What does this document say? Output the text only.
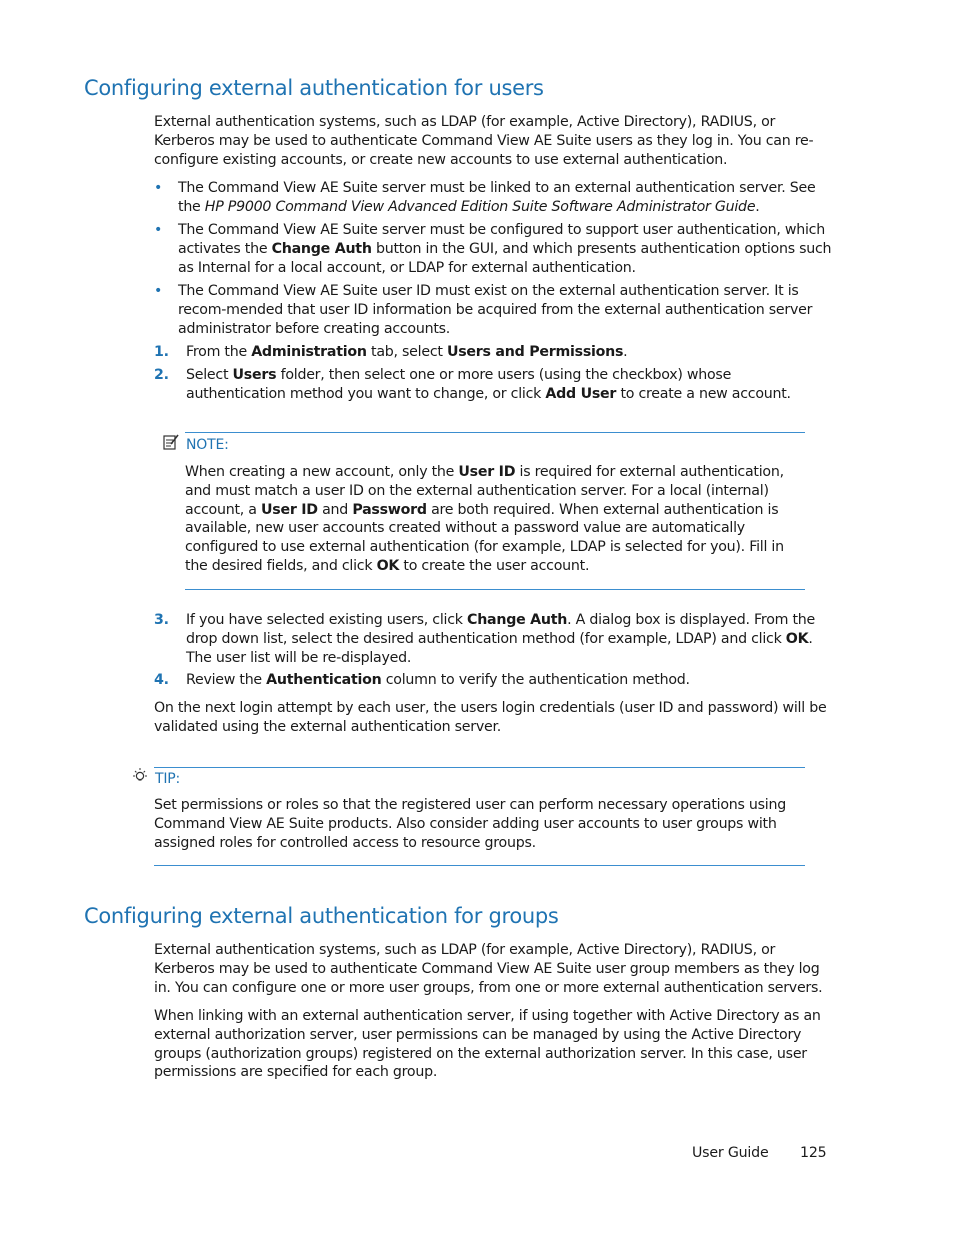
Configuring external authentication for users

External authentication systems, such as LDAP (for example, Active Directory), RADIUS, or Kerberos may be used to authenticate Command View AE Suite users as they log in. You can re-configure existing accounts, or create new accounts to use external authentication.

• The Command View AE Suite server must be linked to an external authentication server. See the HP P9000 Command View Advanced Edition Suite Software Administrator Guide.
• The Command View AE Suite server must be configured to support user authentication, which activates the Change Auth button in the GUI, and which presents authentication options such as Internal for a local account, or LDAP for external authentication.
• The Command View AE Suite user ID must exist on the external authentication server. It is recom-mended that user ID information be acquired from the external authentication server administrator before creating accounts.
1. From the Administration tab, select Users and Permissions.
2. Select Users folder, then select one or more users (using the checkbox) whose authentication method you want to change, or click Add User to create a new account.
NOTE:

When creating a new account, only the User ID is required for external authentication, and must match a user ID on the external authentication server. For a local (internal) account, a User ID and Password are both required. When external authentication is available, new user accounts created without a password value are automatically configured to use external authentication (for example, LDAP is selected for you). Fill in the desired fields, and click OK to create the user account.

3. If you have selected existing users, click Change Auth. A dialog box is displayed. From the drop down list, select the desired authentication method (for example, LDAP) and click OK. The user list will be re-displayed.
4. Review the Authentication column to verify the authentication method.

On the next login attempt by each user, the users login credentials (user ID and password) will be validated using the external authentication server.

TIP:

Set permissions or roles so that the registered user can perform necessary operations using Command View AE Suite products. Also consider adding user accounts to user groups with assigned roles for controlled access to resource groups.

Configuring external authentication for groups

External authentication systems, such as LDAP (for example, Active Directory), RADIUS, or Kerberos may be used to authenticate Command View AE Suite user group members as they log in. You can configure one or more user groups, from one or more external authentication servers.

When linking with an external authentication server, if using together with Active Directory as an external authorization server, user permissions can be managed by using the Active Directory groups (authorization groups) registered on the external authorization server. In this case, user permissions are specified for each group.

User Guide 125
